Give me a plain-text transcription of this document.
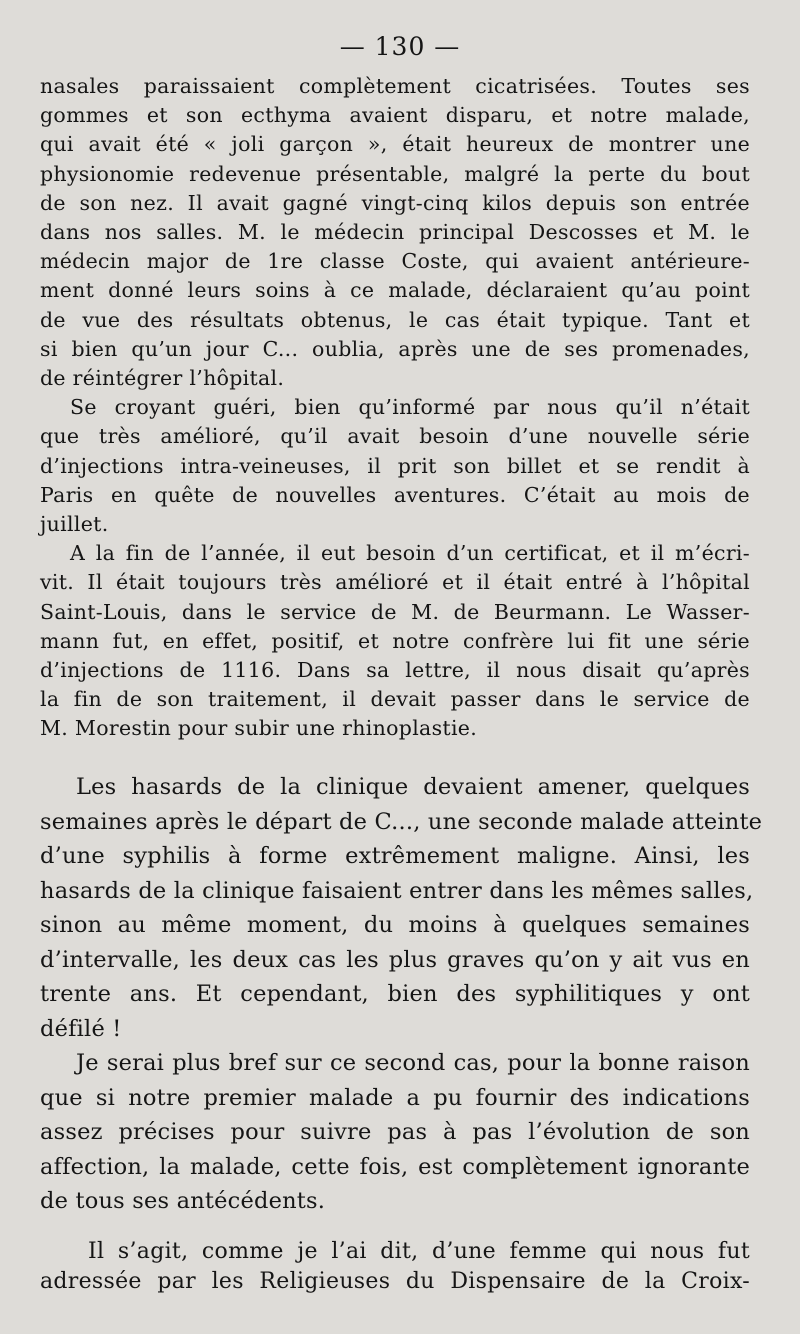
— 130 —

nasales paraissaient complètement cicatrisées. Toutes ses
gommes et son ecthyma avaient disparu, et notre malade,
qui avait été « joli garçon », était heureux de montrer une
physionomie redevenue présentable, malgré la perte du bout
de son nez. Il avait gagné vingt-cinq kilos depuis son entrée
dans nos salles. M. le médecin principal Descosses et M. le
médecin major de 1re classe Coste, qui avaient antérieure-
ment donné leurs soins à ce malade, déclaraient qu’au point
de vue des résultats obtenus, le cas était typique. Tant et
si bien qu’un jour C... oublia, après une de ses promenades,
de réintégrer l’hôpital.

Se croyant guéri, bien qu’informé par nous qu’il n’était
que très amélioré, qu’il avait besoin d’une nouvelle série
d’injections intra-veineuses, il prit son billet et se rendit à
Paris en quête de nouvelles aventures. C’était au mois de
juillet.

A la fin de l’année, il eut besoin d’un certificat, et il m’écri-
vit. Il était toujours très amélioré et il était entré à l’hôpital
Saint-Louis, dans le service de M. de Beurmann. Le Wasser-
mann fut, en effet, positif, et notre confrère lui fit une série
d’injections de 1116. Dans sa lettre, il nous disait qu’après
la fin de son traitement, il devait passer dans le service de
M. Morestin pour subir une rhinoplastie.

Les hasards de la clinique devaient amener, quelques
semaines après le départ de C..., une seconde malade atteinte
d’une syphilis à forme extrêmement maligne. Ainsi, les
hasards de la clinique faisaient entrer dans les mêmes salles,
sinon au même moment, du moins à quelques semaines
d’intervalle, les deux cas les plus graves qu’on y ait vus en
trente ans. Et cependant, bien des syphilitiques y ont
défilé !

Je serai plus bref sur ce second cas, pour la bonne raison
que si notre premier malade a pu fournir des indications
assez précises pour suivre pas à pas l’évolution de son
affection, la malade, cette fois, est complètement ignorante
de tous ses antécédents.

Il s’agit, comme je l’ai dit, d’une femme qui nous fut
adressée par les Religieuses du Dispensaire de la Croix-
